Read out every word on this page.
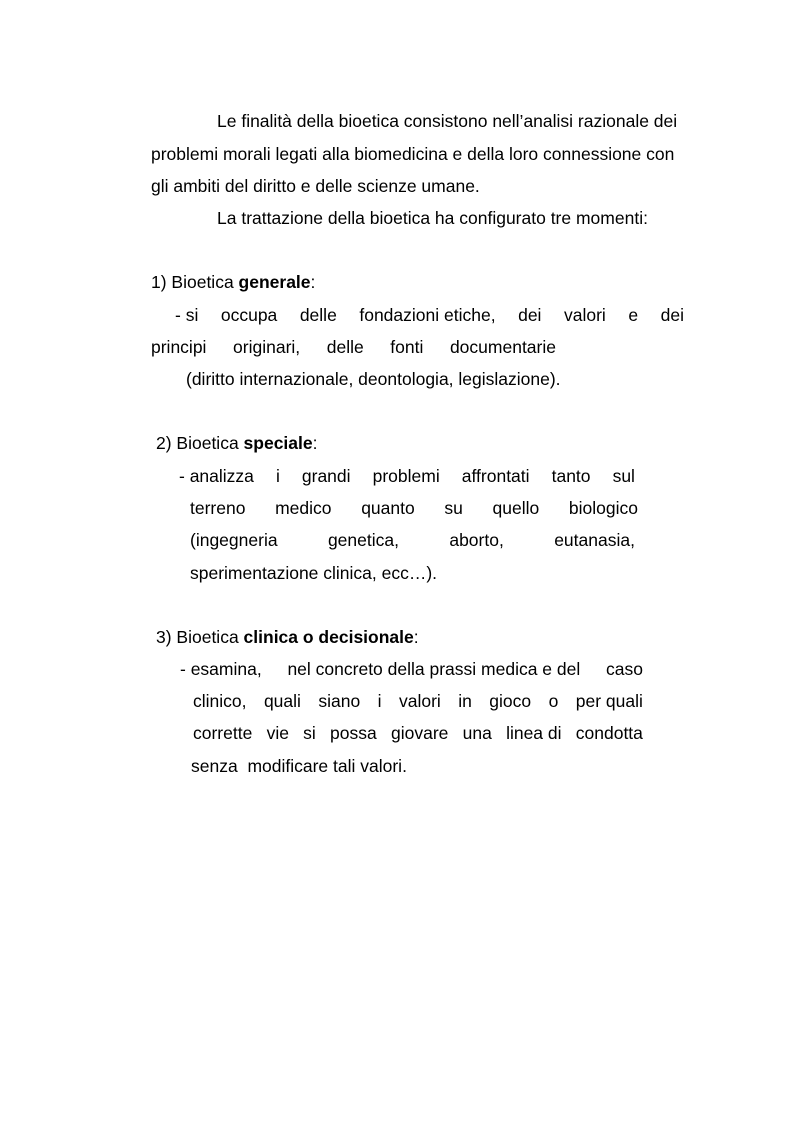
Le finalità della bioetica consistono nell’analisi razionale dei
problemi morali legati alla biomedicina e della loro connessione con
gli ambiti del diritto e delle scienze umane.
La trattazione della bioetica ha configurato tre momenti:
1) Bioetica generale:
- si occupa delle fondazioni etiche, dei valori e dei
principi originari, delle fonti documentarie
(diritto internazionale, deontologia, legislazione).
2) Bioetica speciale:
- analizza i grandi problemi affrontati tanto sul
terreno medico quanto su quello biologico
(ingegneria	genetica,	aborto,	eutanasia,
sperimentazione clinica, ecc…).
3) Bioetica clinica o decisionale:
- esamina, nel concreto della prassi medica e del caso
clinico, quali siano i valori in gioco o per quali
corrette vie si possa giovare una linea di condotta
senza modificare tali valori.
